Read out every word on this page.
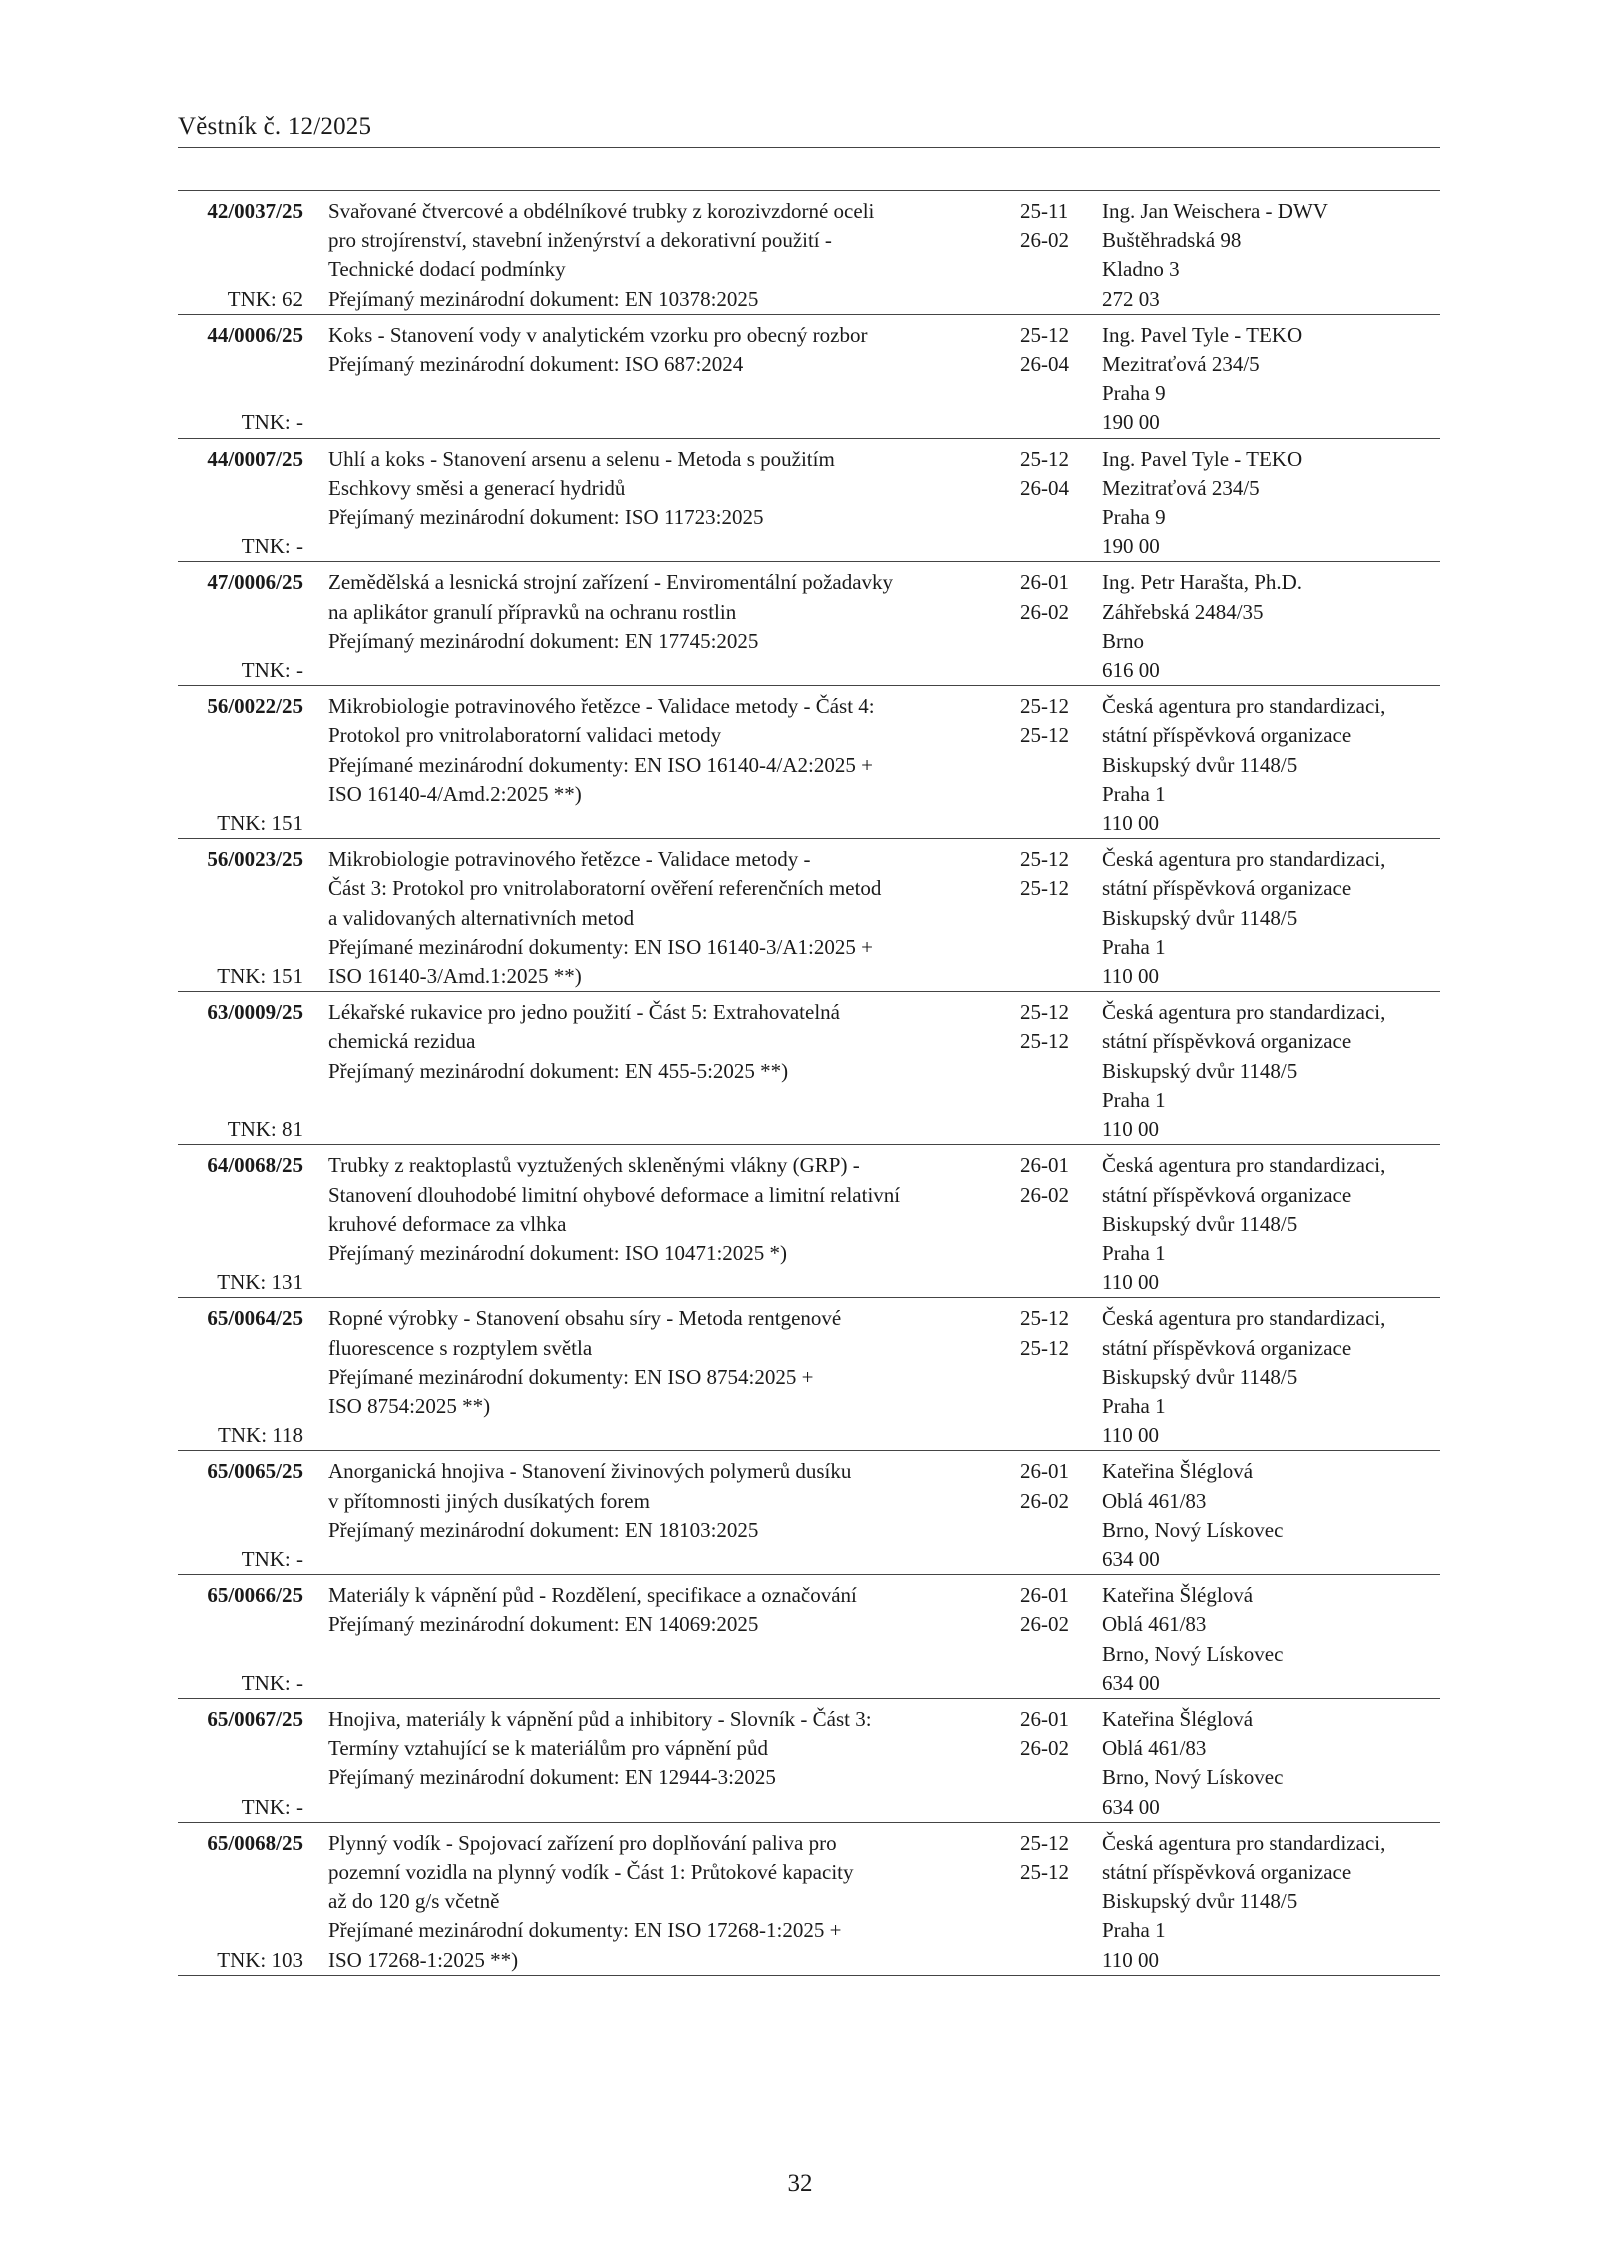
Věstník č. 12/2025
42/0037/25
TNK: 62
Svařované čtvercové a obdélníkové trubky z korozivzdorné oceli
pro strojírenství, stavební inženýrství a dekorativní použití -
Technické dodací podmínky
Přejímaný mezinárodní dokument: EN 10378:2025
25-11
26-02
Ing. Jan Weischera - DWV
Buštěhradská 98
Kladno 3
272 03
44/0006/25
TNK: -
Koks - Stanovení vody v analytickém vzorku pro obecný rozbor
Přejímaný mezinárodní dokument: ISO 687:2024
25-12
26-04
Ing. Pavel Tyle - TEKO
Mezitraťová 234/5
Praha 9
190 00
44/0007/25
TNK: -
Uhlí a koks - Stanovení arsenu a selenu - Metoda s použitím
Eschkovy směsi a generací hydridů
Přejímaný mezinárodní dokument: ISO 11723:2025
25-12
26-04
Ing. Pavel Tyle - TEKO
Mezitraťová 234/5
Praha 9
190 00
47/0006/25
TNK: -
Zemědělská a lesnická strojní zařízení - Enviromentální požadavky
na aplikátor granulí přípravků na ochranu rostlin
Přejímaný mezinárodní dokument: EN 17745:2025
26-01
26-02
Ing. Petr Harašta, Ph.D.
Záhřebská 2484/35
Brno
616 00
56/0022/25
TNK: 151
Mikrobiologie potravinového řetězce - Validace metody - Část 4:
Protokol pro vnitrolaboratorní validaci metody
Přejímané mezinárodní dokumenty: EN ISO 16140-4/A2:2025 +
ISO 16140-4/Amd.2:2025 **)
25-12
25-12
Česká agentura pro standardizaci,
státní příspěvková organizace
Biskupský dvůr 1148/5
Praha 1
110 00
56/0023/25
TNK: 151
Mikrobiologie potravinového řetězce - Validace metody -
Část 3: Protokol pro vnitrolaboratorní ověření referenčních metod
a validovaných alternativních metod
Přejímané mezinárodní dokumenty: EN ISO 16140-3/A1:2025 +
ISO 16140-3/Amd.1:2025 **)
25-12
25-12
Česká agentura pro standardizaci,
státní příspěvková organizace
Biskupský dvůr 1148/5
Praha 1
110 00
63/0009/25
TNK: 81
Lékařské rukavice pro jedno použití - Část 5: Extrahovatelná
chemická rezidua
Přejímaný mezinárodní dokument: EN 455-5:2025 **)
25-12
25-12
Česká agentura pro standardizaci,
státní příspěvková organizace
Biskupský dvůr 1148/5
Praha 1
110 00
64/0068/25
TNK: 131
Trubky z reaktoplastů vyztužených skleněnými vlákny (GRP) -
Stanovení dlouhodobé limitní ohybové deformace a limitní relativní
kruhové deformace za vlhka
Přejímaný mezinárodní dokument: ISO 10471:2025 *)
26-01
26-02
Česká agentura pro standardizaci,
státní příspěvková organizace
Biskupský dvůr 1148/5
Praha 1
110 00
65/0064/25
TNK: 118
Ropné výrobky - Stanovení obsahu síry - Metoda rentgenové
fluorescence s rozptylem světla
Přejímané mezinárodní dokumenty: EN ISO 8754:2025 +
ISO 8754:2025 **)
25-12
25-12
Česká agentura pro standardizaci,
státní příspěvková organizace
Biskupský dvůr 1148/5
Praha 1
110 00
65/0065/25
TNK: -
Anorganická hnojiva - Stanovení živinových polymerů dusíku
v přítomnosti jiných dusíkatých forem
Přejímaný mezinárodní dokument: EN 18103:2025
26-01
26-02
Kateřina Šléglová
Oblá 461/83
Brno, Nový Lískovec
634 00
65/0066/25
TNK: -
Materiály k vápnění půd - Rozdělení, specifikace a označování
Přejímaný mezinárodní dokument: EN 14069:2025
26-01
26-02
Kateřina Šléglová
Oblá 461/83
Brno, Nový Lískovec
634 00
65/0067/25
TNK: -
Hnojiva, materiály k vápnění půd a inhibitory - Slovník - Část 3:
Termíny vztahující se k materiálům pro vápnění půd
Přejímaný mezinárodní dokument: EN 12944-3:2025
26-01
26-02
Kateřina Šléglová
Oblá 461/83
Brno, Nový Lískovec
634 00
65/0068/25
TNK: 103
Plynný vodík - Spojovací zařízení pro doplňování paliva pro
pozemní vozidla na plynný vodík - Část 1: Průtokové kapacity
až do 120 g/s včetně
Přejímané mezinárodní dokumenty: EN ISO 17268-1:2025 +
ISO 17268-1:2025 **)
25-12
25-12
Česká agentura pro standardizaci,
státní příspěvková organizace
Biskupský dvůr 1148/5
Praha 1
110 00
32
